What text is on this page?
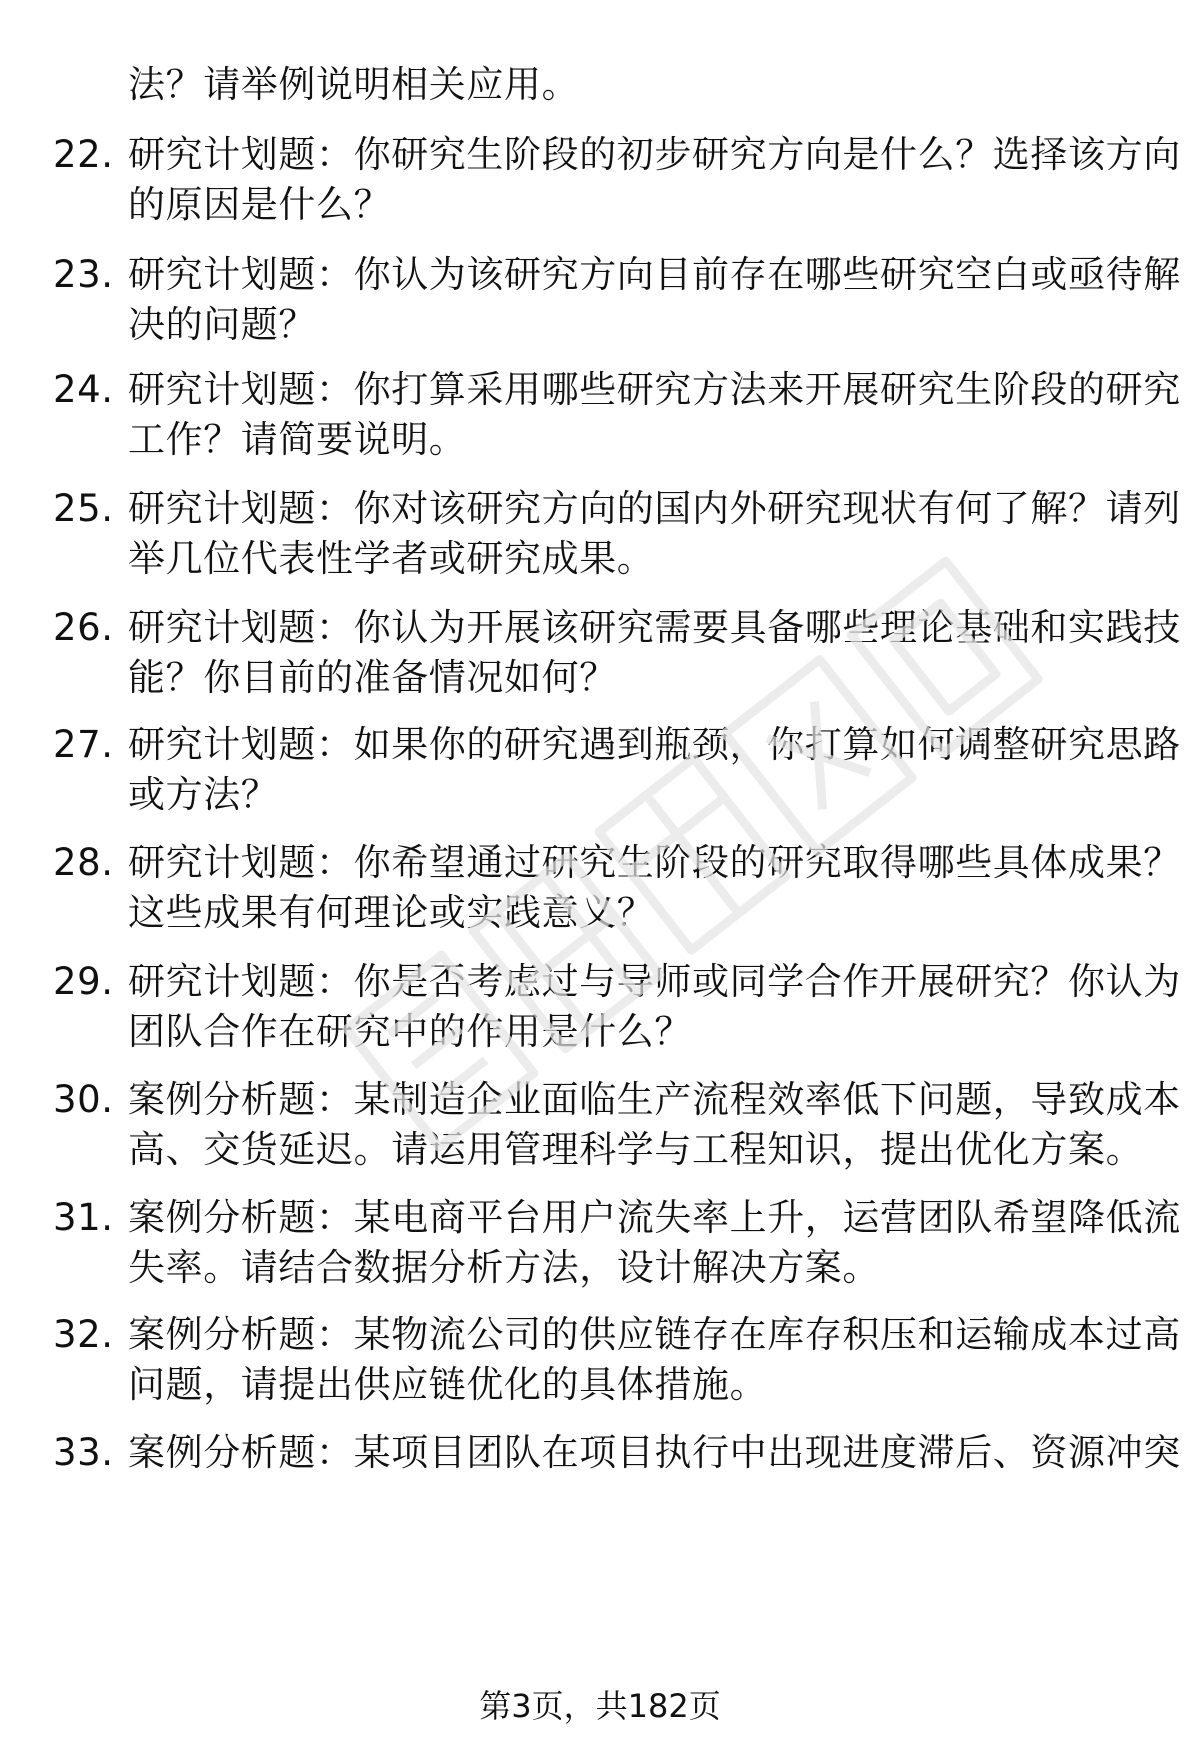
法？请举例说明相关应用。
22. 研究计划题：你研究生阶段的初步研究方向是什么？选择该方向
的原因是什么？
23. 研究计划题：你认为该研究方向目前存在哪些研究空白或亟待解
决的问题？
24. 研究计划题：你打算采用哪些研究方法来开展研究生阶段的研究
工作？请简要说明。
25. 研究计划题：你对该研究方向的国内外研究现状有何了解？请列
举几位代表性学者或研究成果。
26. 研究计划题：你认为开展该研究需要具备哪些理论基础和实践技
能？你目前的准备情况如何？
27. 研究计划题：如果你的研究遇到瓶颈，你打算如何调整研究思路
或方法？
28. 研究计划题：你希望通过研究生阶段的研究取得哪些具体成果？
这些成果有何理论或实践意义？
29. 研究计划题：你是否考虑过与导师或同学合作开展研究？你认为
团队合作在研究中的作用是什么？
30. 案例分析题：某制造企业面临生产流程效率低下问题，导致成本
高、交货延迟。请运用管理科学与工程知识，提出优化方案。
31. 案例分析题：某电商平台用户流失率上升，运营团队希望降低流
失率。请结合数据分析方法，设计解决方案。
32. 案例分析题：某物流公司的供应链存在库存积压和运输成本过高
问题，请提出供应链优化的具体措施。
33. 案例分析题：某项目团队在项目执行中出现进度滞后、资源冲突
第3页，共182页
